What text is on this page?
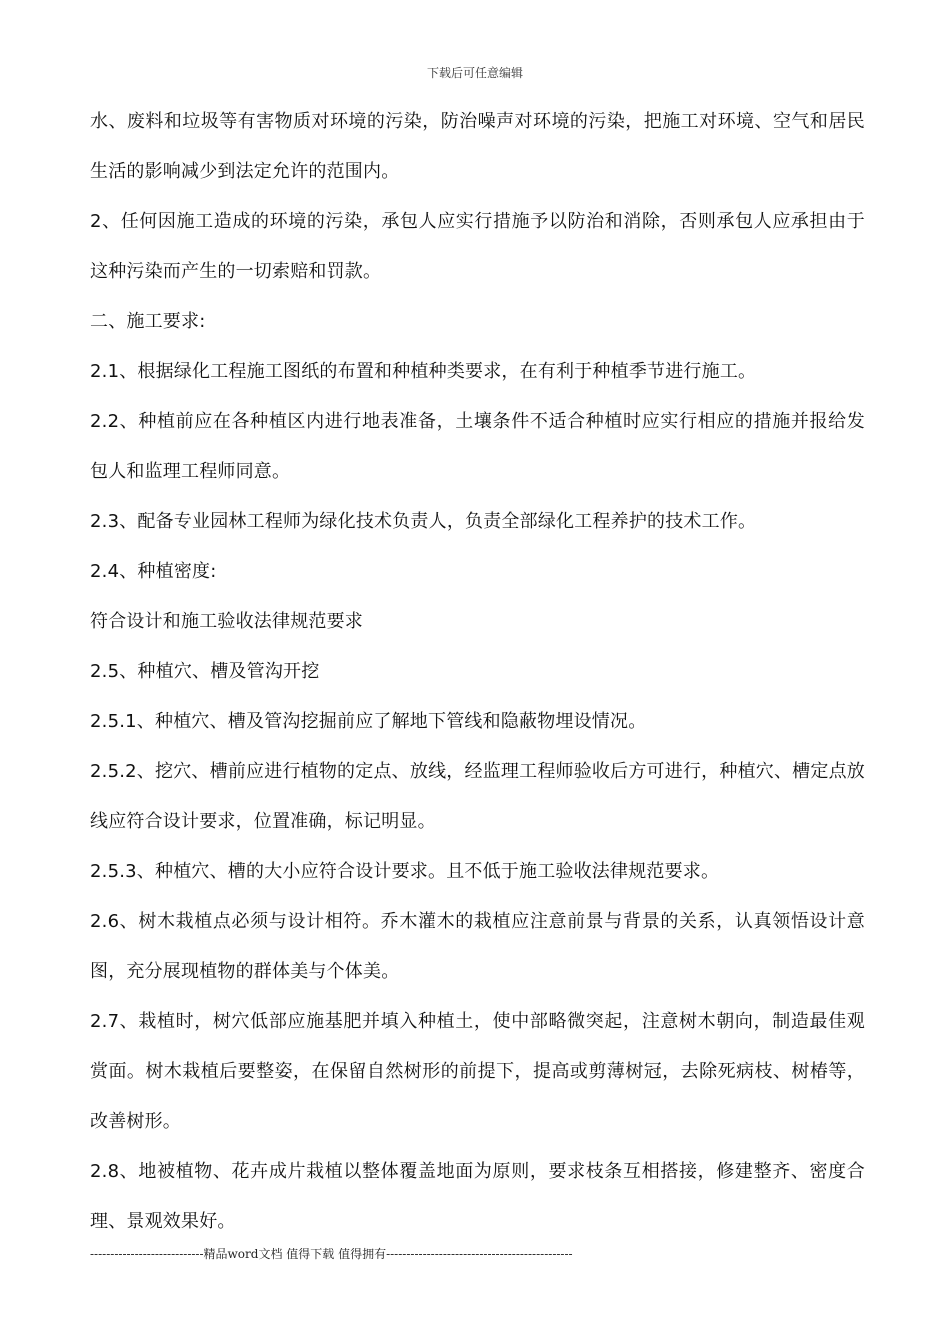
下载后可任意编辑

水、废料和垃圾等有害物质对环境的污染，防治噪声对环境的污染，把施工对环境、空气和居民生活的影响减少到法定允许的范围内。

2、任何因施工造成的环境的污染，承包人应实行措施予以防治和消除，否则承包人应承担由于这种污染而产生的一切索赔和罚款。

二、施工要求:

2.1、根据绿化工程施工图纸的布置和种植种类要求，在有利于种植季节进行施工。

2.2、种植前应在各种植区内进行地表准备，土壤条件不适合种植时应实行相应的措施并报给发包人和监理工程师同意。

2.3、配备专业园林工程师为绿化技术负责人，负责全部绿化工程养护的技术工作。

2.4、种植密度:

符合设计和施工验收法律规范要求

2.5、种植穴、槽及管沟开挖

2.5.1、种植穴、槽及管沟挖掘前应了解地下管线和隐蔽物埋设情况。

2.5.2、挖穴、槽前应进行植物的定点、放线，经监理工程师验收后方可进行，种植穴、槽定点放线应符合设计要求，位置准确，标记明显。

2.5.3、种植穴、槽的大小应符合设计要求。且不低于施工验收法律规范要求。

2.6、树木栽植点必须与设计相符。乔木灌木的栽植应注意前景与背景的关系，认真领悟设计意图，充分展现植物的群体美与个体美。

2.7、栽植时，树穴低部应施基肥并填入种植土，使中部略微突起，注意树木朝向，制造最佳观赏面。树木栽植后要整姿，在保留自然树形的前提下，提高或剪薄树冠，去除死病枝、树椿等，改善树形。

2.8、地被植物、花卉成片栽植以整体覆盖地面为原则，要求枝条互相搭接，修建整齐、密度合理、景观效果好。

----------------------------精品word文档 值得下载 值得拥有----------------------------------------------
